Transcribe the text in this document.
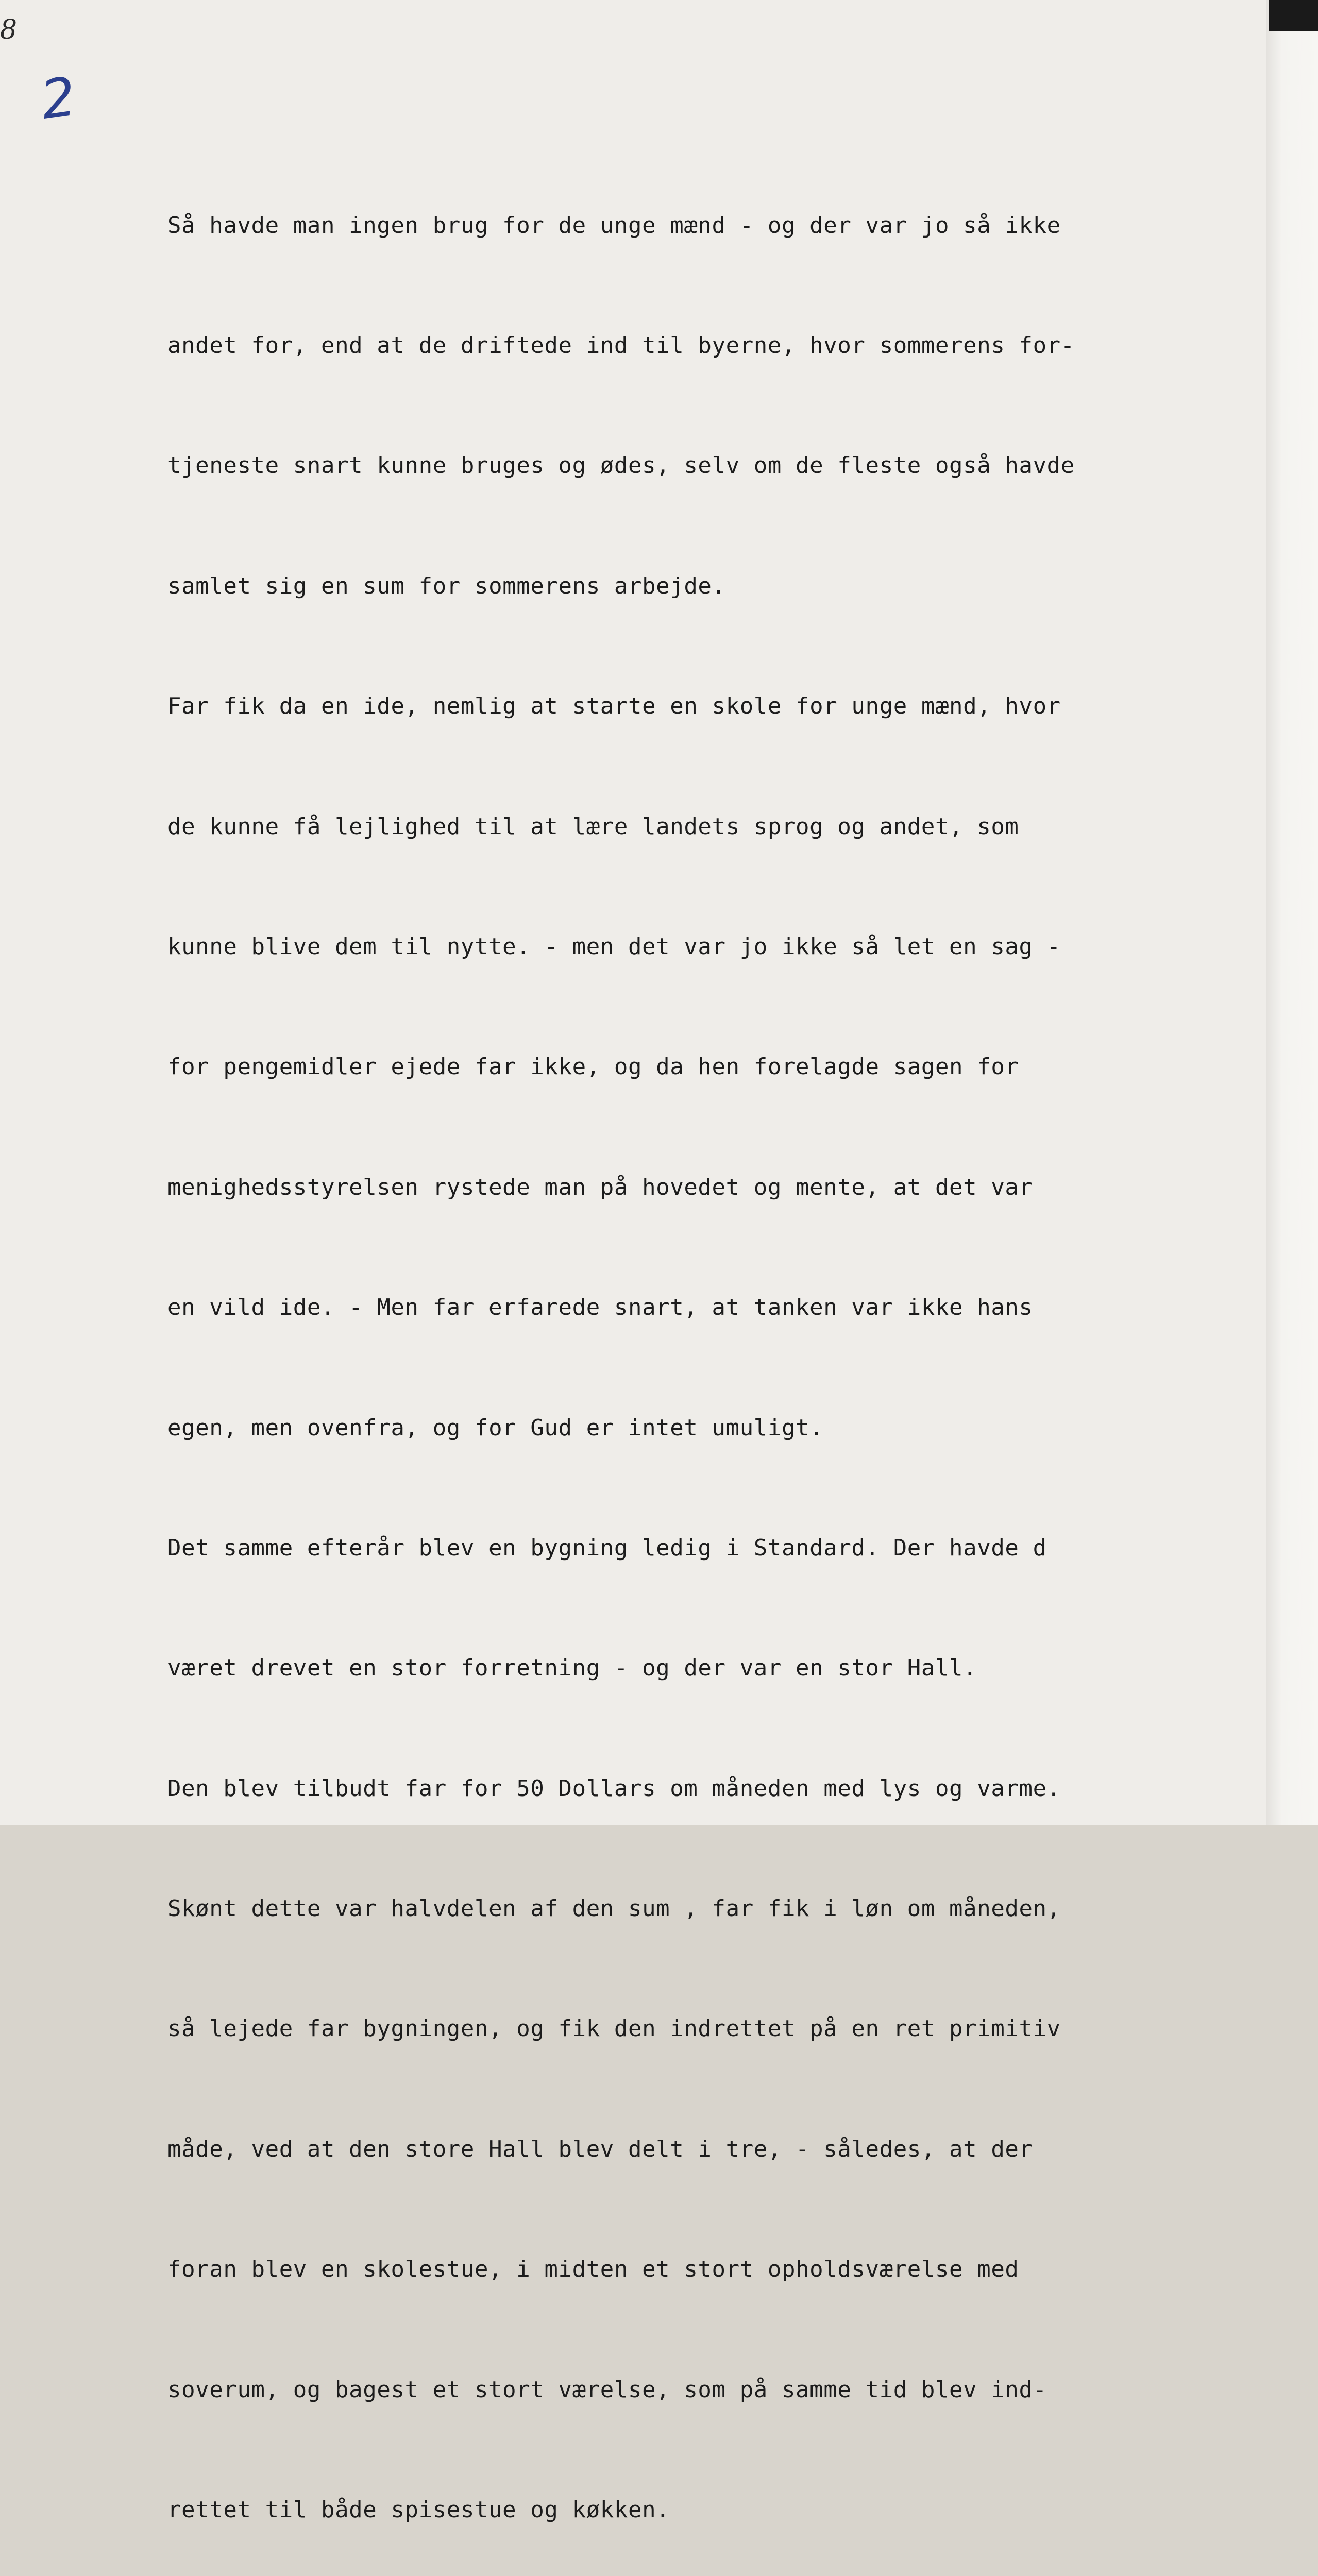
8
2

Så havde man ingen brug for de unge mænd - og der var jo så ikke

andet for, end at de driftede ind til byerne, hvor sommerens for-

tjeneste snart kunne bruges og ødes, selv om de fleste også havde

samlet sig en sum for sommerens arbejde.

Far fik da en ide, nemlig at starte en skole for unge mænd, hvor

de kunne få lejlighed til at lære landets sprog og andet, som

kunne blive dem til nytte. - men det var jo ikke så let en sag -

for pengemidler ejede far ikke, og da hen forelagde sagen for

menighedsstyrelsen rystede man på hovedet og mente, at det var

en vild ide. - Men far erfarede snart, at tanken var ikke hans

egen, men ovenfra, og for Gud er intet umuligt.

Det samme efterår blev en bygning ledig i Standard. Der havde d

været drevet en stor forretning - og der var en stor Hall.

Den blev tilbudt far for 50 Dollars om måneden med lys og varme.

Skønt dette var halvdelen af den sum , far fik i løn om måneden,

så lejede far bygningen, og fik den indrettet på en ret primitiv

måde, ved at den store Hall blev delt i tre, - således, at der

foran blev en skolestue, i midten et stort opholdsværelse med

soverum, og bagest et stort værelse, som på samme tid blev ind-

rettet til både spisestue og køkken.
